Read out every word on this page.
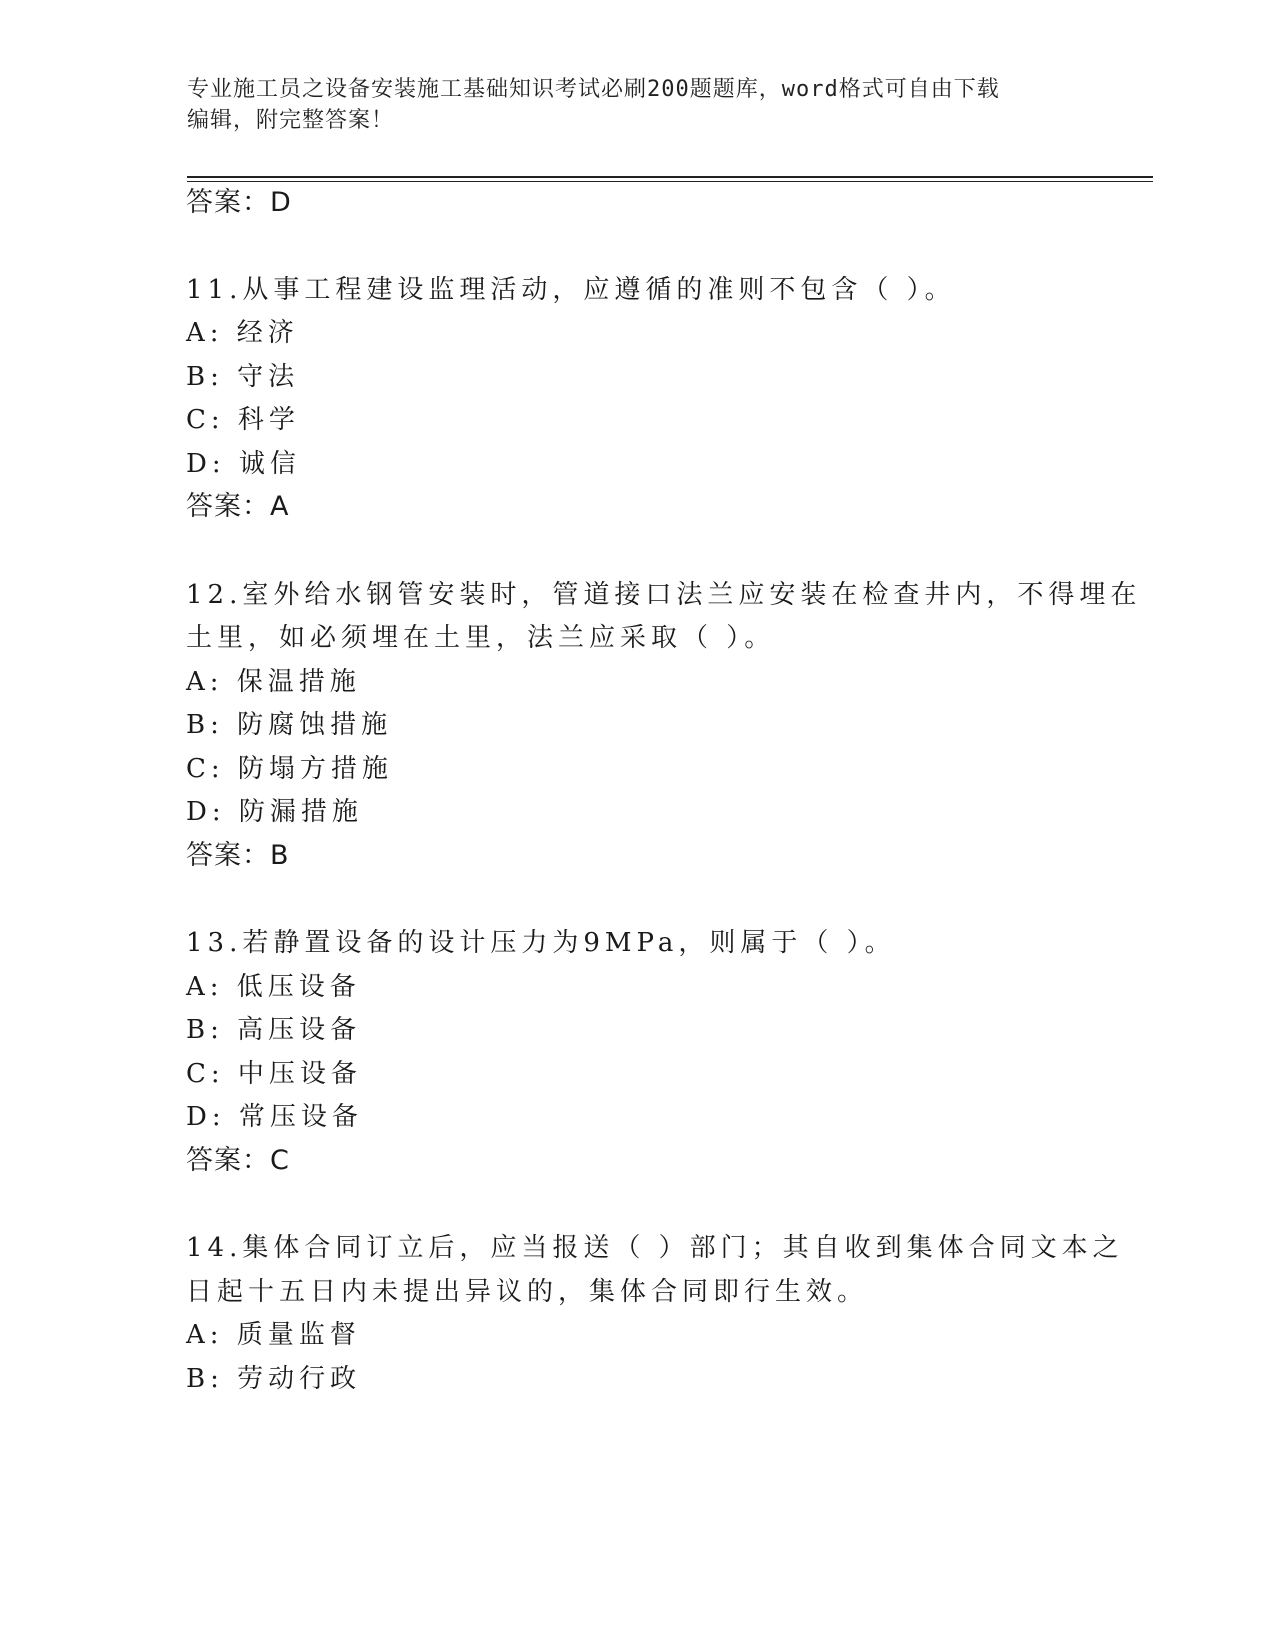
专业施工员之设备安装施工基础知识考试必刷200题题库，word格式可自由下载
编辑，附完整答案！
答案：D
11.从事工程建设监理活动，应遵循的准则不包含（ ）。
A: 经济
B: 守法
C: 科学
D: 诚信
答案：A
12.室外给水钢管安装时，管道接口法兰应安装在检查井内，不得埋在
土里，如必须埋在土里，法兰应采取（ ）。
A: 保温措施
B: 防腐蚀措施
C: 防塌方措施
D: 防漏措施
答案：B
13.若静置设备的设计压力为9MPa，则属于（ ）。
A: 低压设备
B: 高压设备
C: 中压设备
D: 常压设备
答案：C
14.集体合同订立后，应当报送（ ）部门；其自收到集体合同文本之
日起十五日内未提出异议的，集体合同即行生效。
A: 质量监督
B: 劳动行政
